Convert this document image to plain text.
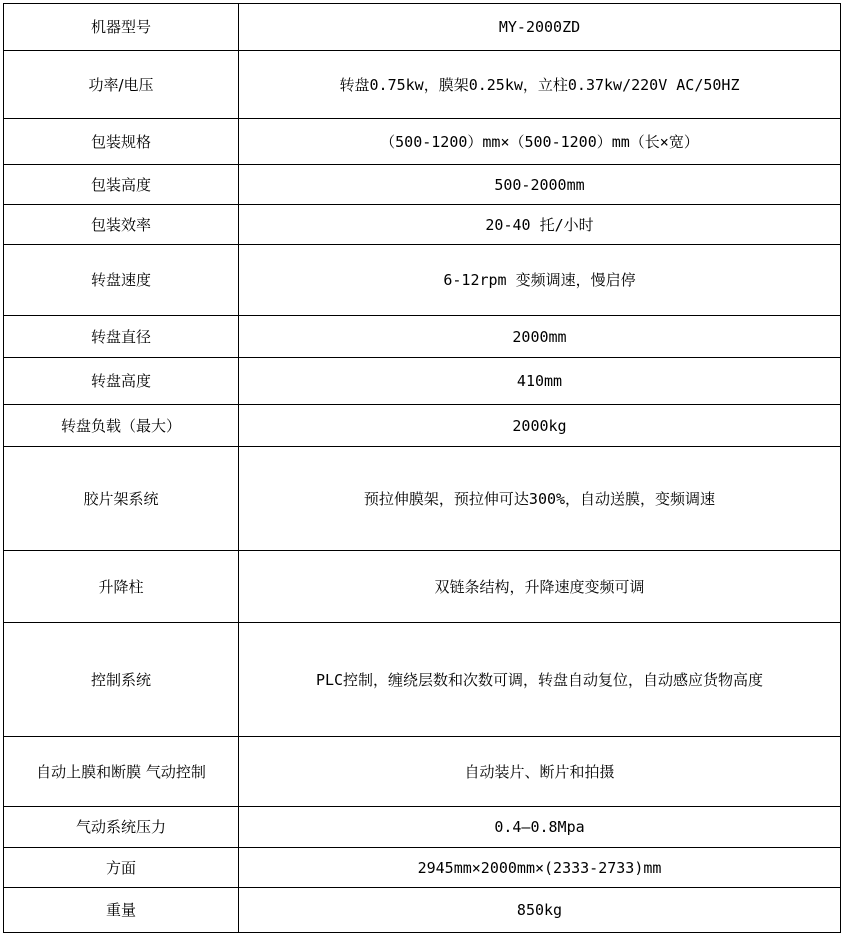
机器型号	MY-2000ZD
功率/电压	转盘0.75kw，膜架0.25kw，立柱0.37kw/220V AC/50HZ
包装规格	（500-1200）mm×（500-1200）mm（长×宽）
包装高度	500-2000mm
包装效率	20-40 托/小时
转盘速度	6-12rpm 变频调速，慢启停
转盘直径	2000mm
转盘高度	410mm
转盘负载（最大）	2000kg
胶片架系统	预拉伸膜架，预拉伸可达300%，自动送膜，变频调速
升降柱	双链条结构，升降速度变频可调
控制系统	PLC控制，缠绕层数和次数可调，转盘自动复位，自动感应货物高度
自动上膜和断膜 气动控制	自动装片、断片和拍摄
气动系统压力	0.4—0.8Mpa
方面	2945mm×2000mm×(2333-2733)mm
重量	850kg
